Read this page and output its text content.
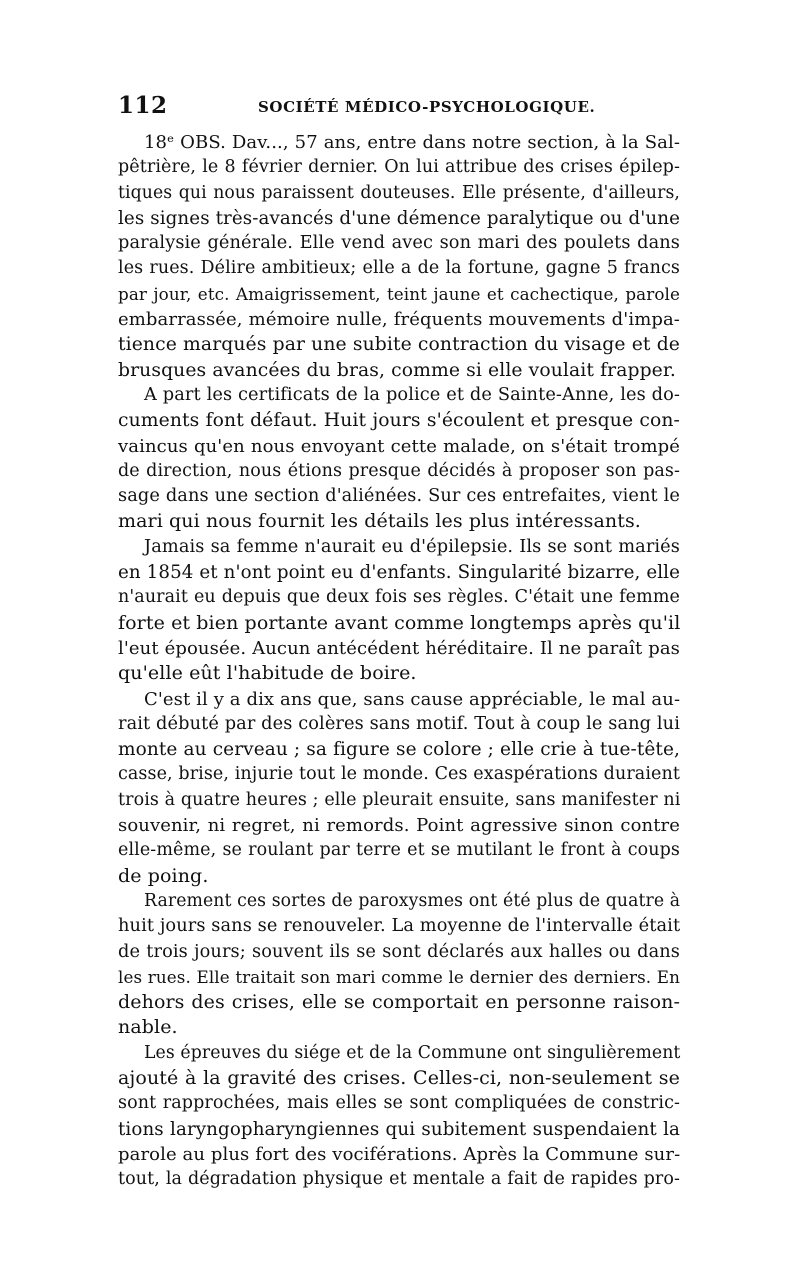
112	SOCIÉTÉ MÉDICO-PSYCHOLOGIQUE.
18ᵉ OBS. Dav..., 57 ans, entre dans notre section, à la Sal-
pêtrière, le 8 février dernier. On lui attribue des crises épilep-
tiques qui nous paraissent douteuses. Elle présente, d'ailleurs,
les signes très-avancés d'une démence paralytique ou d'une
paralysie générale. Elle vend avec son mari des poulets dans
les rues. Délire ambitieux; elle a de la fortune, gagne 5 francs
par jour, etc. Amaigrissement, teint jaune et cachectique, parole
embarrassée, mémoire nulle, fréquents mouvements d'impa-
tience marqués par une subite contraction du visage et de
brusques avancées du bras, comme si elle voulait frapper.
A part les certificats de la police et de Sainte-Anne, les do-
cuments font défaut. Huit jours s'écoulent et presque con-
vaincus qu'en nous envoyant cette malade, on s'était trompé
de direction, nous étions presque décidés à proposer son pas-
sage dans une section d'aliénées. Sur ces entrefaites, vient le
mari qui nous fournit les détails les plus intéressants.
Jamais sa femme n'aurait eu d'épilepsie. Ils se sont mariés
en 1854 et n'ont point eu d'enfants. Singularité bizarre, elle
n'aurait eu depuis que deux fois ses règles. C'était une femme
forte et bien portante avant comme longtemps après qu'il
l'eut épousée. Aucun antécédent héréditaire. Il ne paraît pas
qu'elle eût l'habitude de boire.
C'est il y a dix ans que, sans cause appréciable, le mal au-
rait débuté par des colères sans motif. Tout à coup le sang lui
monte au cerveau ; sa figure se colore ; elle crie à tue-tête,
casse, brise, injurie tout le monde. Ces exaspérations duraient
trois à quatre heures ; elle pleurait ensuite, sans manifester ni
souvenir, ni regret, ni remords. Point agressive sinon contre
elle-même, se roulant par terre et se mutilant le front à coups
de poing.
Rarement ces sortes de paroxysmes ont été plus de quatre à
huit jours sans se renouveler. La moyenne de l'intervalle était
de trois jours; souvent ils se sont déclarés aux halles ou dans
les rues. Elle traitait son mari comme le dernier des derniers. En
dehors des crises, elle se comportait en personne raison-
nable.
Les épreuves du siége et de la Commune ont singulièrement
ajouté à la gravité des crises. Celles-ci, non-seulement se
sont rapprochées, mais elles se sont compliquées de constric-
tions laryngopharyngiennes qui subitement suspendaient la
parole au plus fort des vociférations. Après la Commune sur-
tout, la dégradation physique et mentale a fait de rapides pro-
